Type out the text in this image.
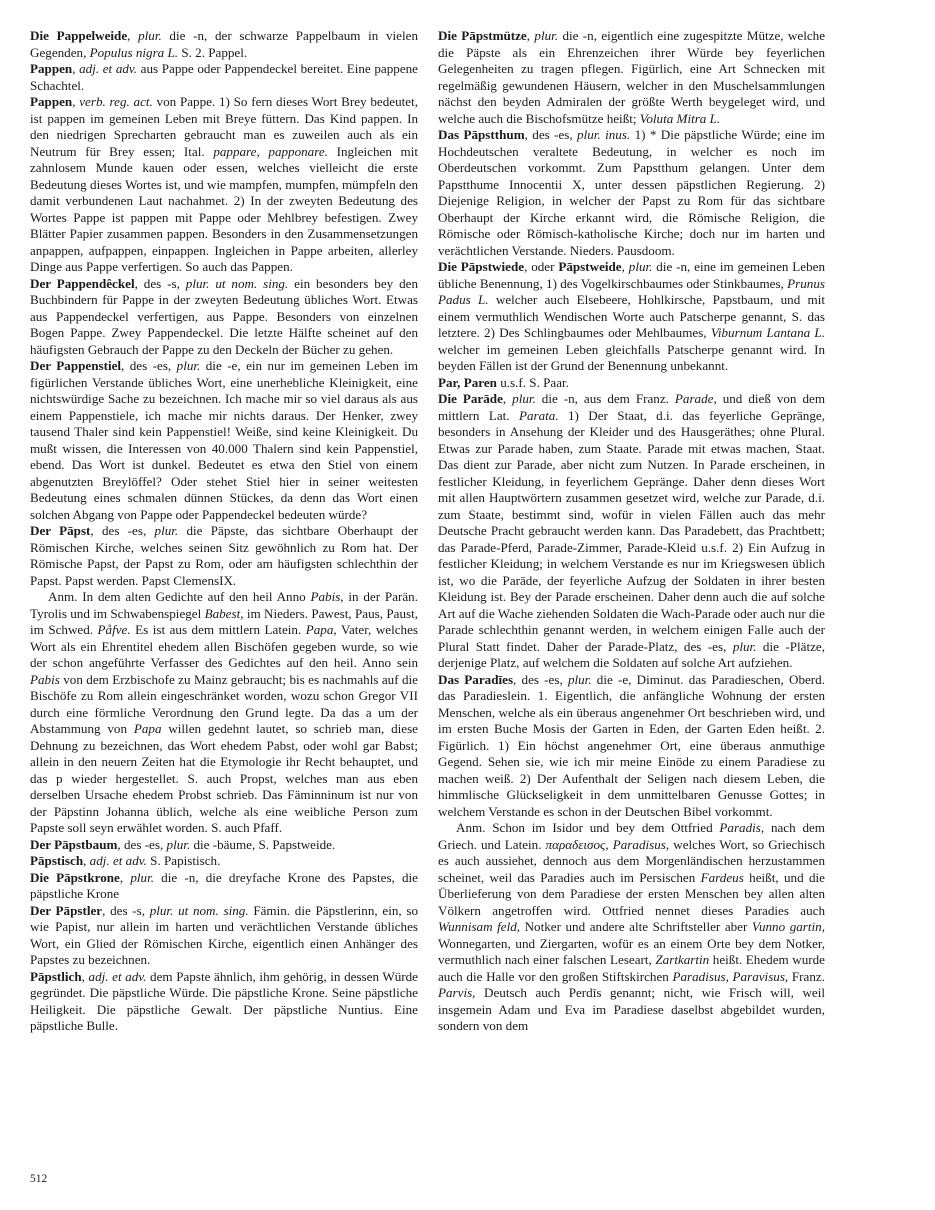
Die Pappelweide, plur. die -n, der schwarze Pappelbaum in vielen Gegenden, Populus nigra L. S. 2. Pappel.

Pappen, adj. et adv. aus Pappe oder Pappendeckel bereitet. Eine pappene Schachtel.

Pappen, verb. reg. act. von Pappe. 1) So fern dieses Wort Brey bedeutet, ist pappen im gemeinen Leben mit Breye füttern. Das Kind pappen. In den niedrigen Sprecharten gebraucht man es zuweilen auch als ein Neutrum für Brey essen; Ital. pappare, papponare. Ingleichen mit zahnlosem Munde kauen oder essen, welches vielleicht die erste Bedeutung dieses Wortes ist, und wie mampfen, mumpfen, mümpfeln den damit verbundenen Laut nachahmet. 2) In der zweyten Bedeutung des Wortes Pappe ist pappen mit Pappe oder Mehlbrey befestigen. Zwey Blätter Papier zusammen pappen. Besonders in den Zusammensetzungen anpappen, aufpappen, einpappen. Ingleichen in Pappe arbeiten, allerley Dinge aus Pappe verfertigen. So auch das Pappen.

Der Pappendêckel, des -s, plur. ut nom. sing. ein besonders bey den Buchbindern für Pappe in der zweyten Bedeutung übliches Wort. Etwas aus Pappendeckel verfertigen, aus Pappe. Besonders von einzelnen Bogen Pappe. Zwey Pappendeckel. Die letzte Hälfte scheinet auf den häufigsten Gebrauch der Pappe zu den Deckeln der Bücher zu gehen.

Der Pappenstiel, des -es, plur. die -e, ein nur im gemeinen Leben im figürlichen Verstande übliches Wort, eine unerhebliche Kleinigkeit, eine nichtswürdige Sache zu bezeichnen. Ich mache mir so viel daraus als aus einem Pappenstiele, ich mache mir nichts daraus. Der Henker, zwey tausend Thaler sind kein Pappenstiel! Weiße, sind keine Kleinigkeit. Du mußt wissen, die Interessen von 40.000 Thalern sind kein Pappenstiel, ebend. Das Wort ist dunkel. Bedeutet es etwa den Stiel von einem abgenutzten Breylöffel? Oder stehet Stiel hier in seiner weitesten Bedeutung eines schmalen dünnen Stückes, da denn das Wort einen solchen Abgang von Pappe oder Pappendeckel bedeuten würde?

Der Pāpst, des -es, plur. die Päpste, das sichtbare Oberhaupt der Römischen Kirche, welches seinen Sitz gewöhnlich zu Rom hat. Der Römische Papst, der Papst zu Rom, oder am häufigsten schlechthin der Papst. Papst werden. Papst ClemensIX.

Anm. In dem alten Gedichte auf den heil Anno Pabis, in der Parän. Tyrolis und im Schwabenspiegel Babest, im Nieders. Pawest, Paus, Paust, im Schwed. Påfve. Es ist aus dem mittlern Latein. Papa, Vater, welches Wort als ein Ehrentitel ehedem allen Bischöfen gegeben wurde, so wie der schon angeführte Verfasser des Gedichtes auf den heil. Anno sein Pabis von dem Erzbischofe zu Mainz gebraucht; bis es nachmahls auf die Bischöfe zu Rom allein eingeschränket worden, wozu schon Gregor VII durch eine förmliche Verordnung den Grund legte. Da das a um der Abstammung von Papa willen gedehnt lautet, so schrieb man, diese Dehnung zu bezeichnen, das Wort ehedem Pabst, oder wohl gar Babst; allein in den neuern Zeiten hat die Etymologie ihr Recht behauptet, und das p wieder hergestellet. S. auch Propst, welches man aus eben derselben Ursache ehedem Probst schrieb. Das Fäminninum ist nur von der Päpstinn Johanna üblich, welche als eine weibliche Person zum Papste soll seyn erwählet worden. S. auch Pfaff.

Der Pāpstbaum, des -es, plur. die -bäume, S. Papstweide.

Pāpstisch, adj. et adv. S. Papistisch.

Die Pāpstkrone, plur. die -n, die dreyfache Krone des Papstes, die päpstliche Krone

Der Pāpstler, des -s, plur. ut nom. sing. Fämin. die Päpstlerinn, ein, so wie Papist, nur allein im harten und verächtlichen Verstande übliches Wort, ein Glied der Römischen Kirche, eigentlich einen Anhänger des Papstes zu bezeichnen.

Pāpstlich, adj. et adv. dem Papste ähnlich, ihm gehörig, in dessen Würde gegründet. Die päpstliche Würde. Die päpstliche Krone. Seine päpstliche Heiligkeit. Die päpstliche Gewalt. Der päpstliche Nuntius. Eine päpstliche Bulle.

Die Pāpstmütze, plur. die -n, eigentlich eine zugespitzte Mütze, welche die Päpste als ein Ehrenzeichen ihrer Würde bey feyerlichen Gelegenheiten zu tragen pflegen. Figürlich, eine Art Schnecken mit regelmäßig gewundenen Häusern, welcher in den Muschelsammlungen nächst den beyden Admiralen der größte Werth beygeleget wird, und welche auch die Bischofsmütze heißt; Voluta Mitra L.

Das Pāpstthum, des -es, plur. inus. 1) * Die päpstliche Würde; eine im Hochdeutschen veraltete Bedeutung, in welcher es noch im Oberdeutschen vorkommt. Zum Papstthum gelangen. Unter dem Papstthume Innocentii X, unter dessen päpstlichen Regierung. 2) Diejenige Religion, in welcher der Papst zu Rom für das sichtbare Oberhaupt der Kirche erkannt wird, die Römische Religion, die Römische oder Römisch-katholische Kirche; doch nur im harten und verächtlichen Verstande. Nieders. Pausdoom.

Die Pāpstwiede, oder Pāpstweide, plur. die -n, eine im gemeinen Leben übliche Benennung, 1) des Vogelkirschbaumes oder Stinkbaumes, Prunus Padus L. welcher auch Elsebeere, Hohlkirsche, Papstbaum, und mit einem vermuthlich Wendischen Worte auch Patscherpe genannt, S. das letztere. 2) Des Schlingbaumes oder Mehlbaumes, Viburnum Lantana L. welcher im gemeinen Leben gleichfalls Patscherpe genannt wird. In beyden Fällen ist der Grund der Benennung unbekannt.

Par, Paren u.s.f. S. Paar.

Die Parāde, plur. die -n, aus dem Franz. Parade, und dieß von dem mittlern Lat. Parata. 1) Der Staat, d.i. das feyerliche Gepränge, besonders in Ansehung der Kleider und des Hausgeräthes; ohne Plural. Etwas zur Parade haben, zum Staate. Parade mit etwas machen, Staat. Das dient zur Parade, aber nicht zum Nutzen. In Parade erscheinen, in festlicher Kleidung, in feyerlichem Gepränge. Daher denn dieses Wort mit allen Hauptwörtern zusammen gesetzet wird, welche zur Parade, d.i. zum Staate, bestimmt sind, wofür in vielen Fällen auch das mehr Deutsche Pracht gebraucht werden kann. Das Paradebett, das Prachtbett; das Parade-Pferd, Parade-Zimmer, Parade-Kleid u.s.f. 2) Ein Aufzug in festlicher Kleidung; in welchem Verstande es nur im Kriegswesen üblich ist, wo die Parāde, der feyerliche Aufzug der Soldaten in ihrer besten Kleidung ist. Bey der Parade erscheinen. Daher denn auch die auf solche Art auf die Wache ziehenden Soldaten die Wach-Parade oder auch nur die Parade schlechthin genannt werden, in welchem einigen Falle auch der Plural Statt findet. Daher der Parade-Platz, des -es, plur. die -Plätze, derjenige Platz, auf welchem die Soldaten auf solche Art aufziehen.

Das Paradīes, des -es, plur. die -e, Diminut. das Paradieschen, Oberd. das Paradieslein. 1. Eigentlich, die anfängliche Wohnung der ersten Menschen, welche als ein überaus angenehmer Ort beschrieben wird, und im ersten Buche Mosis der Garten in Eden, der Garten Eden heißt. 2. Figürlich. 1) Ein höchst angenehmer Ort, eine überaus anmuthige Gegend. Sehen sie, wie ich mir meine Einöde zu einem Paradiese zu machen weiß. 2) Der Aufenthalt der Seligen nach diesem Leben, die himmlische Glückseligkeit in dem unmittelbaren Genusse Gottes; in welchem Verstande es schon in der Deutschen Bibel vorkommt.

Anm. Schon im Isidor und bey dem Ottfried Paradis, nach dem Griech. und Latein. παραδεισος, Paradisus, welches Wort, so Griechisch es auch aussiehet, dennoch aus dem Morgenländischen herzustammen scheinet, weil das Paradies auch im Persischen Fardeus heißt, und die Überlieferung von dem Paradiese der ersten Menschen bey allen alten Völkern angetroffen wird. Ottfried nennet dieses Paradies auch Wunnisam feld, Notker und andere alte Schriftsteller aber Vunno gartin, Wonnegarten, und Ziergarten, wofür es an einem Orte bey dem Notker, vermuthlich nach einer falschen Leseart, Zartkartin heißt. Ehedem wurde auch die Halle vor den großen Stiftskirchen Paradisus, Paravisus, Franz. Parvis, Deutsch auch Perdīs genannt; nicht, wie Frisch will, weil insgemein Adam und Eva im Paradiese daselbst abgebildet wurden, sondern von dem

512
